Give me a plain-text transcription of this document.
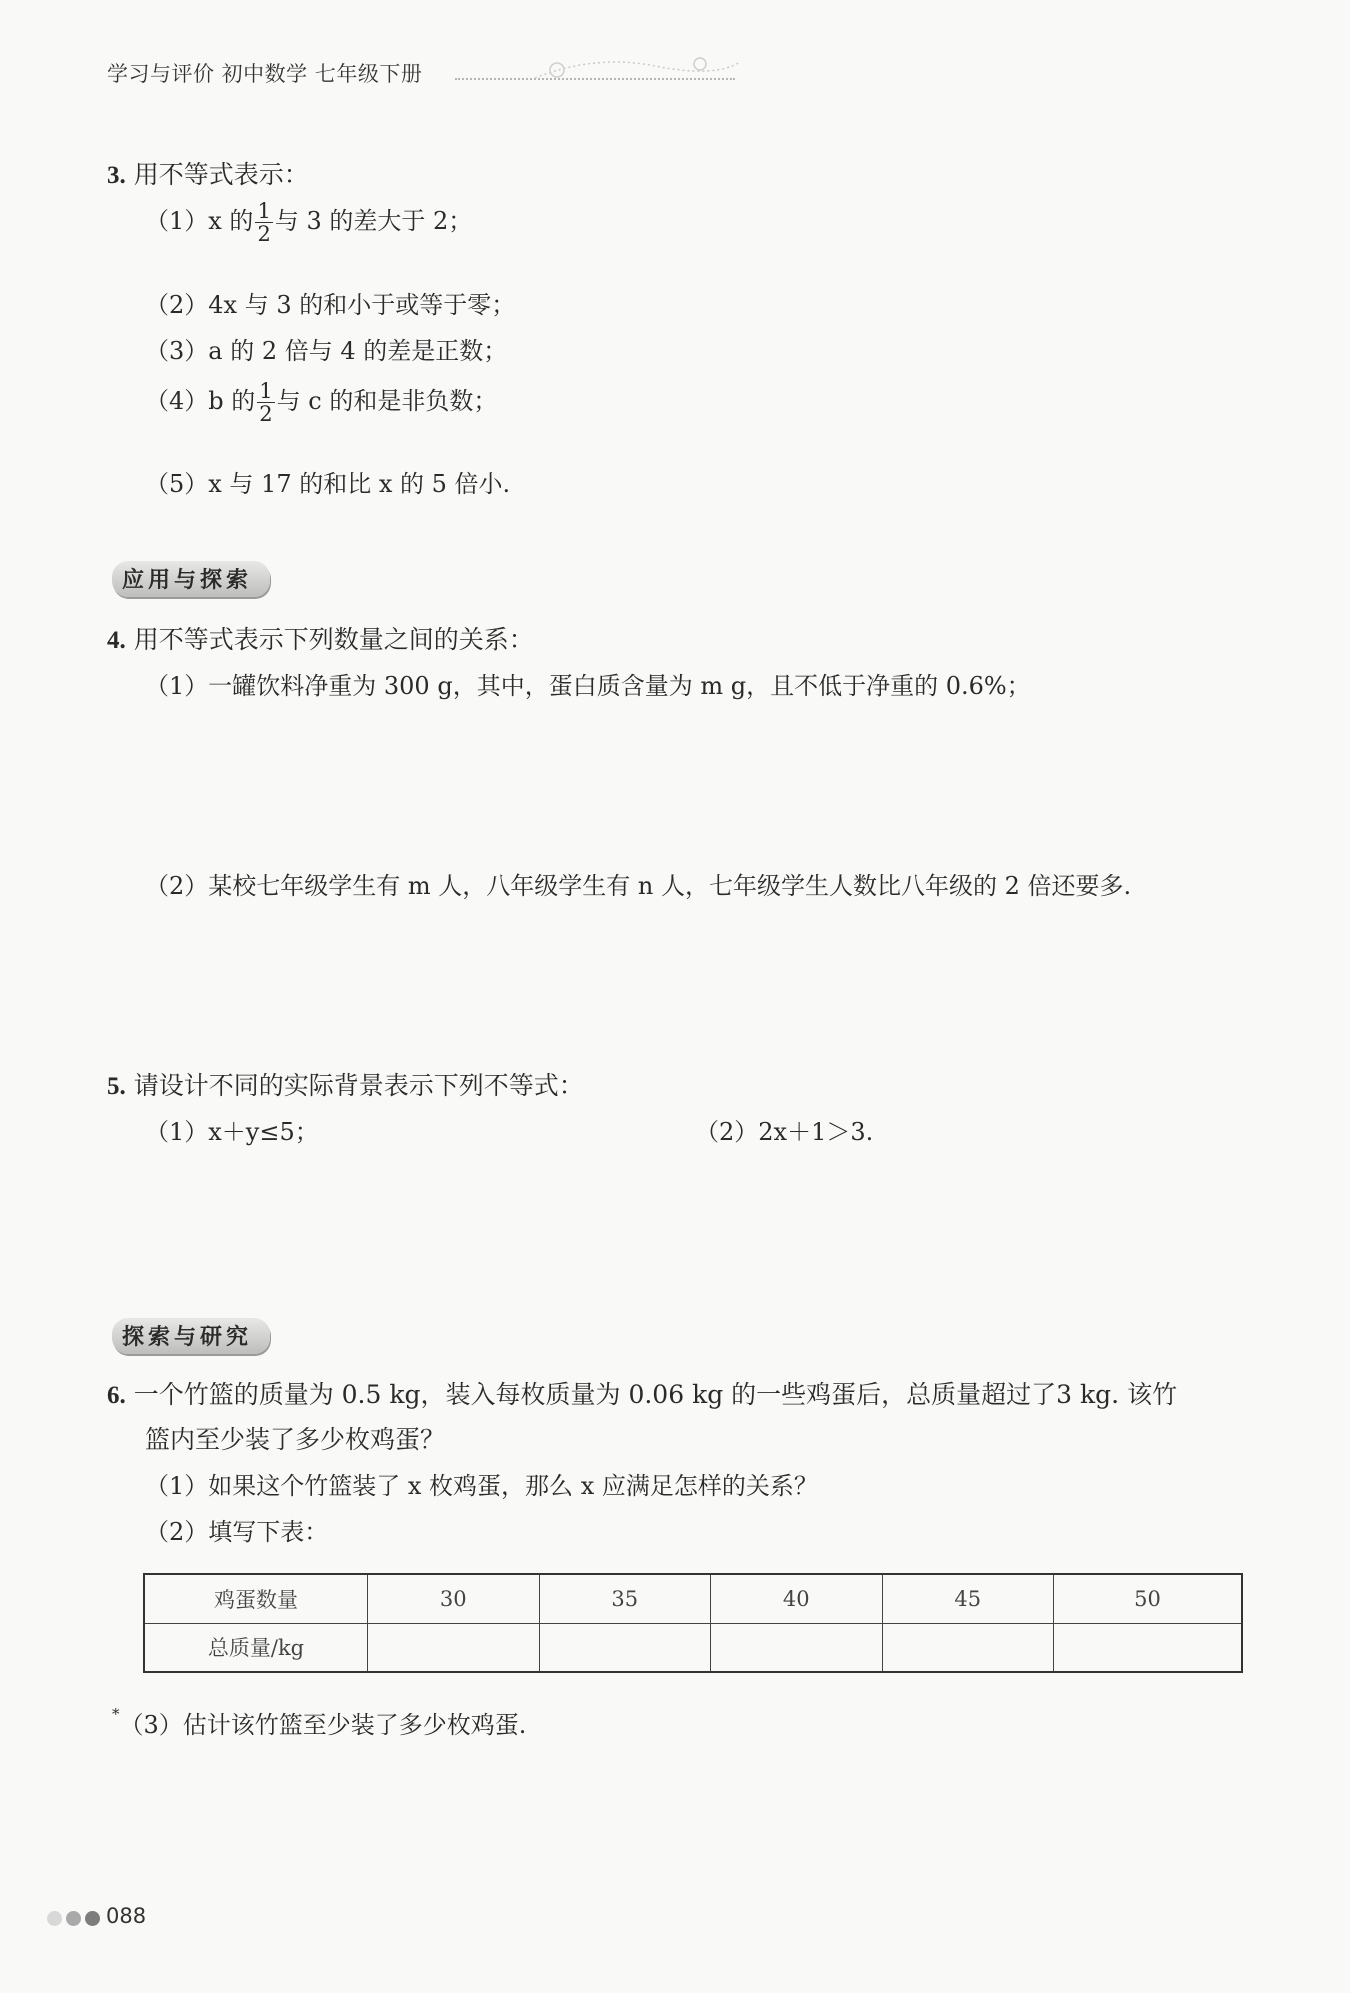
学习与评价 初中数学 七年级下册
3. 用不等式表示：
（1）x 的 $\frac{1}{2}$ 与 3 的差大于 2；
（2）4x 与 3 的和小于或等于零；
（3）a 的 2 倍与 4 的差是正数；
（4）b 的 $\frac{1}{2}$ 与 c 的和是非负数；
（5）x 与 17 的和比 x 的 5 倍小.
应用与探索
4. 用不等式表示下列数量之间的关系：
（1）一罐饮料净重为 300 g，其中，蛋白质含量为 m g，且不低于净重的 0.6%；
（2）某校七年级学生有 m 人，八年级学生有 n 人，七年级学生人数比八年级的 2 倍还要多.
5. 请设计不同的实际背景表示下列不等式：
（1）x＋y≤5；	（2）2x＋1＞3.
探索与研究
6. 一个竹篮的质量为 0.5 kg，装入每枚质量为 0.06 kg 的一些鸡蛋后，总质量超过了3 kg. 该竹
篮内至少装了多少枚鸡蛋？
（1）如果这个竹篮装了 x 枚鸡蛋，那么 x 应满足怎样的关系？
（2）填写下表：
鸡蛋数量	30	35	40	45	50
总质量/kg					
*（3）估计该竹篮至少装了多少枚鸡蛋.
088
